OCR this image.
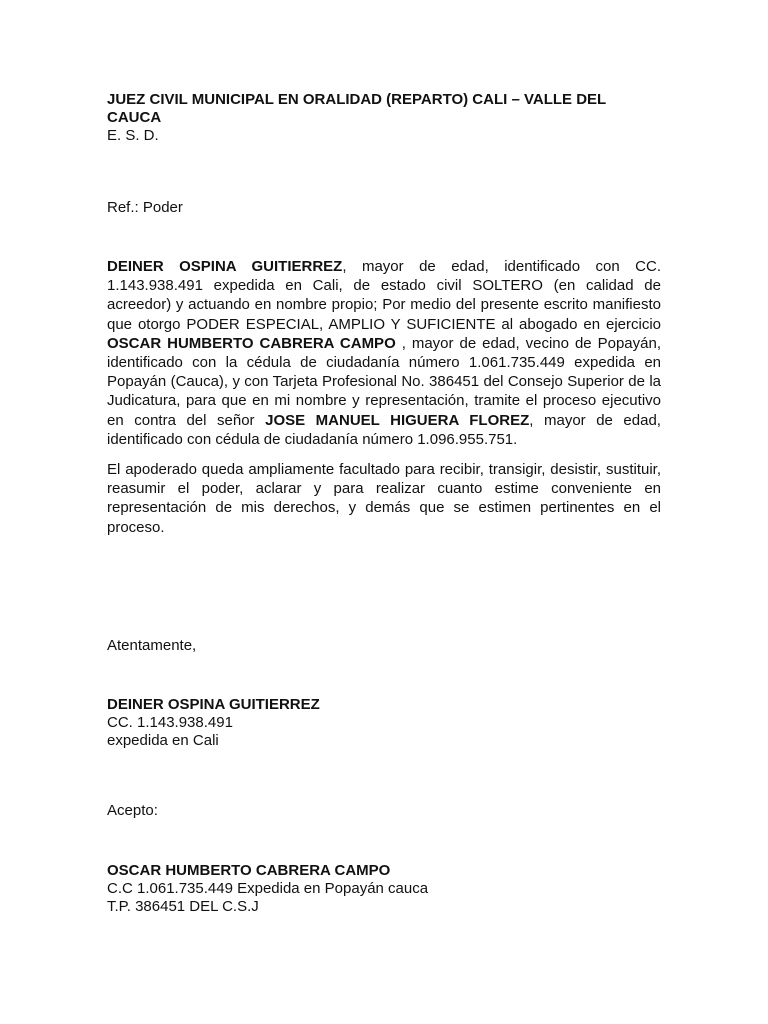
JUEZ CIVIL MUNICIPAL EN ORALIDAD (REPARTO) CALI – VALLE DEL
CAUCA
E. S. D.
Ref.: Poder
DEINER OSPINA GUITIERREZ, mayor de edad, identificado con CC.
1.143.938.491 expedida en Cali, de estado civil SOLTERO (en calidad de
acreedor) y actuando en nombre propio; Por medio del presente escrito manifiesto
que otorgo PODER ESPECIAL, AMPLIO Y SUFICIENTE al abogado en ejercicio
OSCAR HUMBERTO CABRERA CAMPO , mayor de edad, vecino de Popayán,
identificado con la cédula de ciudadanía número 1.061.735.449 expedida en
Popayán (Cauca), y con Tarjeta Profesional No. 386451 del Consejo Superior de la
Judicatura, para que en mi nombre y representación, tramite el proceso ejecutivo
en contra del señor JOSE MANUEL HIGUERA FLOREZ, mayor de edad,
identificado con cédula de ciudadanía número 1.096.955.751.
El apoderado queda ampliamente facultado para recibir, transigir, desistir, sustituir,
reasumir el poder, aclarar y para realizar cuanto estime conveniente en
representación de mis derechos, y demás que se estimen pertinentes en el
proceso.
Atentamente,
DEINER OSPINA GUITIERREZ
CC. 1.143.938.491
expedida en Cali
Acepto:
OSCAR HUMBERTO CABRERA CAMPO
C.C 1.061.735.449 Expedida en Popayán cauca
T.P. 386451 DEL C.S.J
